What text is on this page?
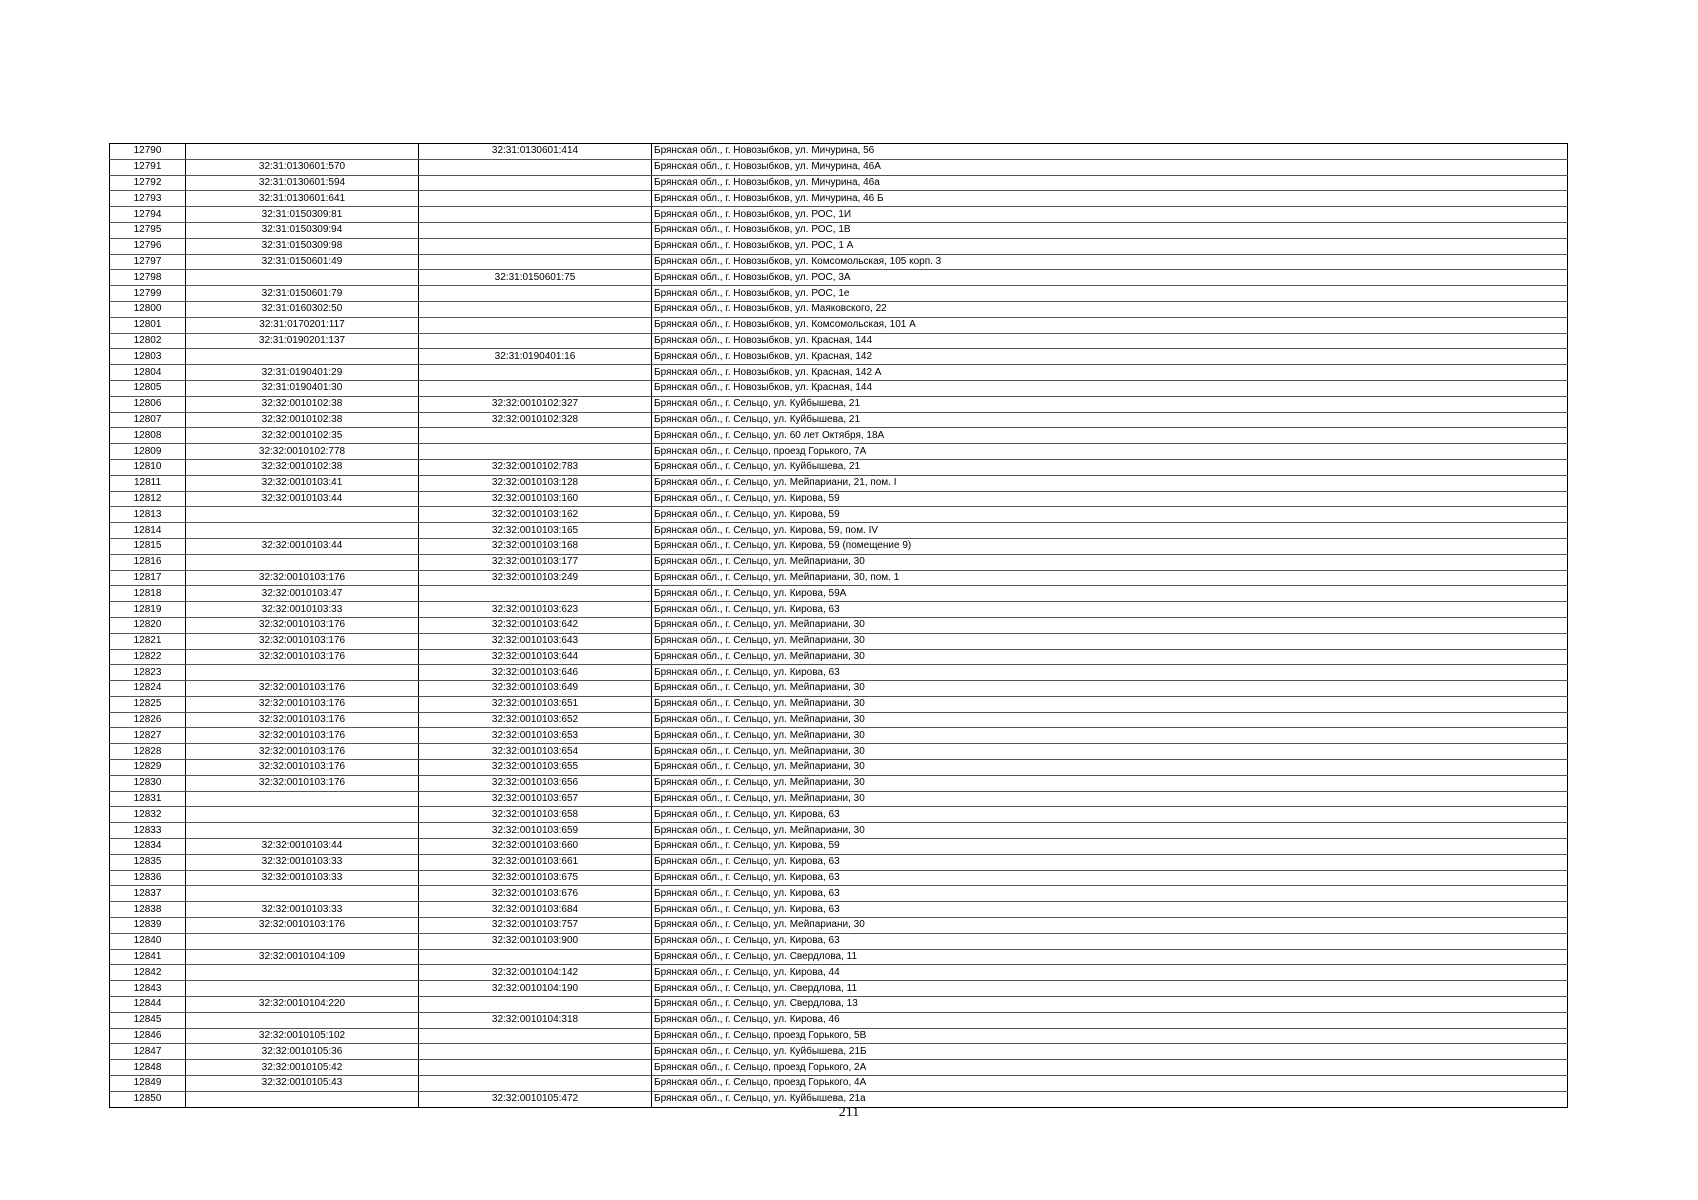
12790		32:31:0130601:414	Брянская обл., г. Новозыбков, ул. Мичурина, 56
12791	32:31:0130601:570		Брянская обл., г. Новозыбков, ул. Мичурина, 46А
12792	32:31:0130601:594		Брянская обл., г. Новозыбков, ул. Мичурина, 46а
12793	32:31:0130601:641		Брянская обл., г. Новозыбков, ул. Мичурина, 46 Б
12794	32:31:0150309:81		Брянская обл., г. Новозыбков, ул. РОС, 1И
12795	32:31:0150309:94		Брянская обл., г. Новозыбков, ул. РОС, 1В
12796	32:31:0150309:98		Брянская обл., г. Новозыбков, ул. РОС, 1 А
12797	32:31:0150601:49		Брянская обл., г. Новозыбков, ул. Комсомольская, 105 корп. 3
12798		32:31:0150601:75	Брянская обл., г. Новозыбков, ул. РОС, 3А
12799	32:31:0150601:79		Брянская обл., г. Новозыбков, ул. РОС, 1е
12800	32:31:0160302:50		Брянская обл., г. Новозыбков, ул. Маяковского, 22
12801	32:31:0170201:117		Брянская обл., г. Новозыбков, ул. Комсомольская, 101 А
12802	32:31:0190201:137		Брянская обл., г. Новозыбков, ул. Красная, 144
12803		32:31:0190401:16	Брянская обл., г. Новозыбков, ул. Красная, 142
12804	32:31:0190401:29		Брянская обл., г. Новозыбков, ул. Красная, 142 А
12805	32:31:0190401:30		Брянская обл., г. Новозыбков, ул. Красная, 144
12806	32:32:0010102:38	32:32:0010102:327	Брянская обл., г. Сельцо, ул. Куйбышева, 21
12807	32:32:0010102:38	32:32:0010102:328	Брянская обл., г. Сельцо, ул. Куйбышева, 21
12808	32:32:0010102:35		Брянская обл., г. Сельцо, ул. 60 лет Октября, 18А
12809	32:32:0010102:778		Брянская обл., г. Сельцо, проезд Горького, 7А
12810	32:32:0010102:38	32:32:0010102:783	Брянская обл., г. Сельцо, ул. Куйбышева, 21
12811	32:32:0010103:41	32:32:0010103:128	Брянская обл., г. Сельцо, ул. Мейпариани, 21, пом. I
12812	32:32:0010103:44	32:32:0010103:160	Брянская обл., г. Сельцо, ул. Кирова, 59
12813		32:32:0010103:162	Брянская обл., г. Сельцо, ул. Кирова, 59
12814		32:32:0010103:165	Брянская обл., г. Сельцо, ул. Кирова, 59, пом. IV
12815	32:32:0010103:44	32:32:0010103:168	Брянская обл., г. Сельцо, ул. Кирова, 59 (помещение 9)
12816		32:32:0010103:177	Брянская обл., г. Сельцо, ул. Мейпариани, 30
12817	32:32:0010103:176	32:32:0010103:249	Брянская обл., г. Сельцо, ул. Мейпариани, 30, пом. 1
12818	32:32:0010103:47		Брянская обл., г. Сельцо, ул. Кирова, 59А
12819	32:32:0010103:33	32:32:0010103:623	Брянская обл., г. Сельцо, ул. Кирова, 63
12820	32:32:0010103:176	32:32:0010103:642	Брянская обл., г. Сельцо, ул. Мейпариани, 30
12821	32:32:0010103:176	32:32:0010103:643	Брянская обл., г. Сельцо, ул. Мейпариани, 30
12822	32:32:0010103:176	32:32:0010103:644	Брянская обл., г. Сельцо, ул. Мейпариани, 30
12823		32:32:0010103:646	Брянская обл., г. Сельцо, ул. Кирова, 63
12824	32:32:0010103:176	32:32:0010103:649	Брянская обл., г. Сельцо, ул. Мейпариани, 30
12825	32:32:0010103:176	32:32:0010103:651	Брянская обл., г. Сельцо, ул. Мейпариани, 30
12826	32:32:0010103:176	32:32:0010103:652	Брянская обл., г. Сельцо, ул. Мейпариани, 30
12827	32:32:0010103:176	32:32:0010103:653	Брянская обл., г. Сельцо, ул. Мейпариани, 30
12828	32:32:0010103:176	32:32:0010103:654	Брянская обл., г. Сельцо, ул. Мейпариани, 30
12829	32:32:0010103:176	32:32:0010103:655	Брянская обл., г. Сельцо, ул. Мейпариани, 30
12830	32:32:0010103:176	32:32:0010103:656	Брянская обл., г. Сельцо, ул. Мейпариани, 30
12831		32:32:0010103:657	Брянская обл., г. Сельцо, ул. Мейпариани, 30
12832		32:32:0010103:658	Брянская обл., г. Сельцо, ул. Кирова, 63
12833		32:32:0010103:659	Брянская обл., г. Сельцо, ул. Мейпариани, 30
12834	32:32:0010103:44	32:32:0010103:660	Брянская обл., г. Сельцо, ул. Кирова, 59
12835	32:32:0010103:33	32:32:0010103:661	Брянская обл., г. Сельцо, ул. Кирова, 63
12836	32:32:0010103:33	32:32:0010103:675	Брянская обл., г. Сельцо, ул. Кирова, 63
12837		32:32:0010103:676	Брянская обл., г. Сельцо, ул. Кирова, 63
12838	32:32:0010103:33	32:32:0010103:684	Брянская обл., г. Сельцо, ул. Кирова, 63
12839	32:32:0010103:176	32:32:0010103:757	Брянская обл., г. Сельцо, ул. Мейпариани, 30
12840		32:32:0010103:900	Брянская обл., г. Сельцо, ул. Кирова, 63
12841	32:32:0010104:109		Брянская обл., г. Сельцо, ул. Свердлова, 11
12842		32:32:0010104:142	Брянская обл., г. Сельцо, ул. Кирова, 44
12843		32:32:0010104:190	Брянская обл., г. Сельцо, ул. Свердлова, 11
12844	32:32:0010104:220		Брянская обл., г. Сельцо, ул. Свердлова, 13
12845		32:32:0010104:318	Брянская обл., г. Сельцо, ул. Кирова, 46
12846	32:32:0010105:102		Брянская обл., г. Сельцо, проезд Горького, 5В
12847	32:32:0010105:36		Брянская обл., г. Сельцо, ул. Куйбышева, 21Б
12848	32:32:0010105:42		Брянская обл., г. Сельцо, проезд Горького, 2А
12849	32:32:0010105:43		Брянская обл., г. Сельцо, проезд Горького, 4А
12850		32:32:0010105:472	Брянская обл., г. Сельцо, ул. Куйбышева, 21а
211
